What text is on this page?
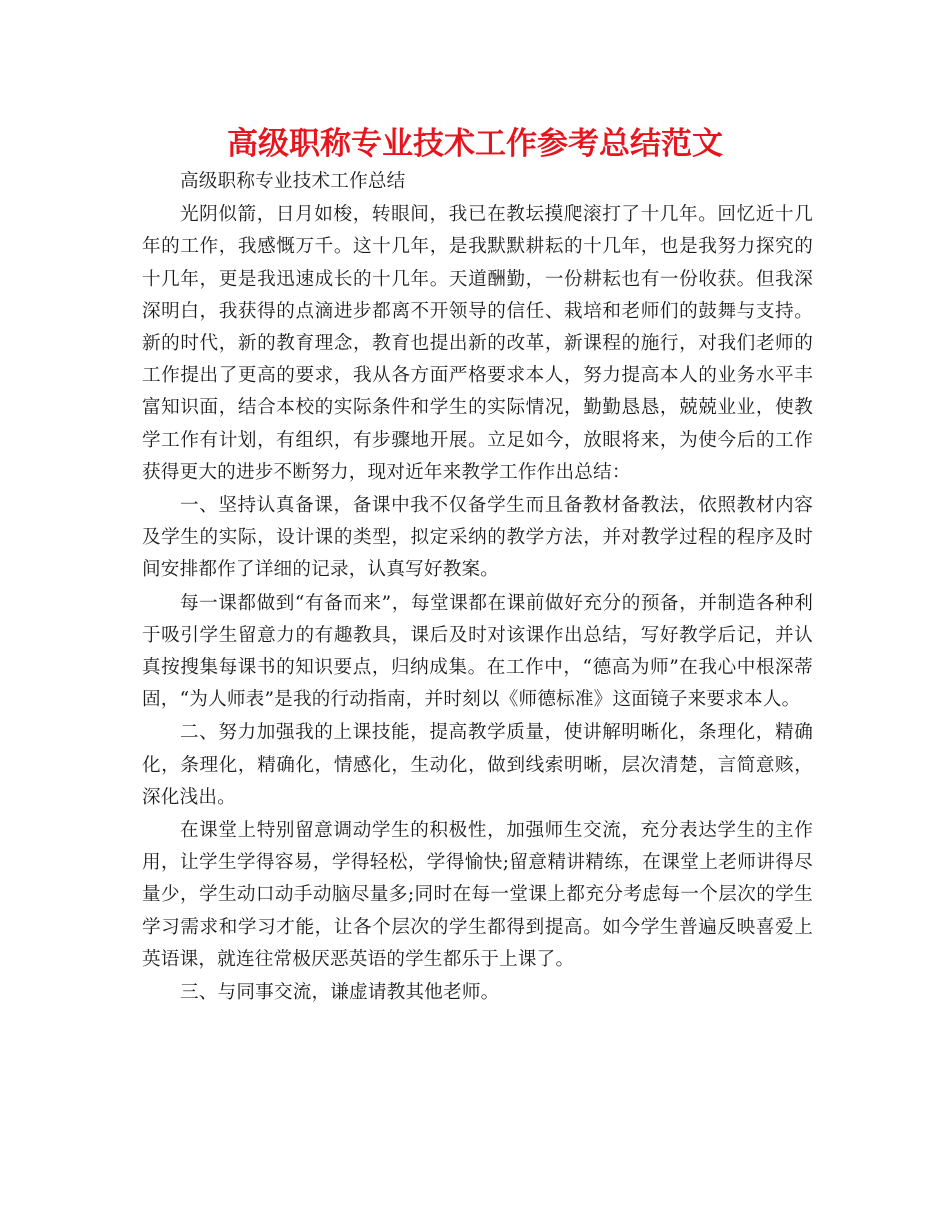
高级职称专业技术工作参考总结范文

高级职称专业技术工作总结

光阴似箭，日月如梭，转眼间，我已在教坛摸爬滚打了十几年。回忆近十几年的工作，我感慨万千。这十几年，是我默默耕耘的十几年，也是我努力探究的十几年，更是我迅速成长的十几年。天道酬勤，一份耕耘也有一份收获。但我深深明白，我获得的点滴进步都离不开领导的信任、栽培和老师们的鼓舞与支持。新的时代，新的教育理念，教育也提出新的改革，新课程的施行，对我们老师的工作提出了更高的要求，我从各方面严格要求本人，努力提高本人的业务水平丰富知识面，结合本校的实际条件和学生的实际情况，勤勤恳恳，兢兢业业，使教学工作有计划，有组织，有步骤地开展。立足如今，放眼将来，为使今后的工作获得更大的进步不断努力，现对近年来教学工作作出总结：

一、坚持认真备课，备课中我不仅备学生而且备教材备教法，依照教材内容及学生的实际，设计课的类型，拟定采纳的教学方法，并对教学过程的程序及时间安排都作了详细的记录，认真写好教案。

每一课都做到“有备而来”，每堂课都在课前做好充分的预备，并制造各种利于吸引学生留意力的有趣教具，课后及时对该课作出总结，写好教学后记，并认真按搜集每课书的知识要点，归纳成集。在工作中，“德高为师”在我心中根深蒂固，“为人师表”是我的行动指南，并时刻以《师德标准》这面镜子来要求本人。

二、努力加强我的上课技能，提高教学质量，使讲解明晰化，条理化，精确化，条理化，精确化，情感化，生动化，做到线索明晰，层次清楚，言简意赅，深化浅出。

在课堂上特别留意调动学生的积极性，加强师生交流，充分表达学生的主作用，让学生学得容易，学得轻松，学得愉快;留意精讲精练，在课堂上老师讲得尽量少，学生动口动手动脑尽量多;同时在每一堂课上都充分考虑每一个层次的学生学习需求和学习才能，让各个层次的学生都得到提高。如今学生普遍反映喜爱上英语课，就连往常极厌恶英语的学生都乐于上课了。

三、与同事交流，谦虚请教其他老师。
